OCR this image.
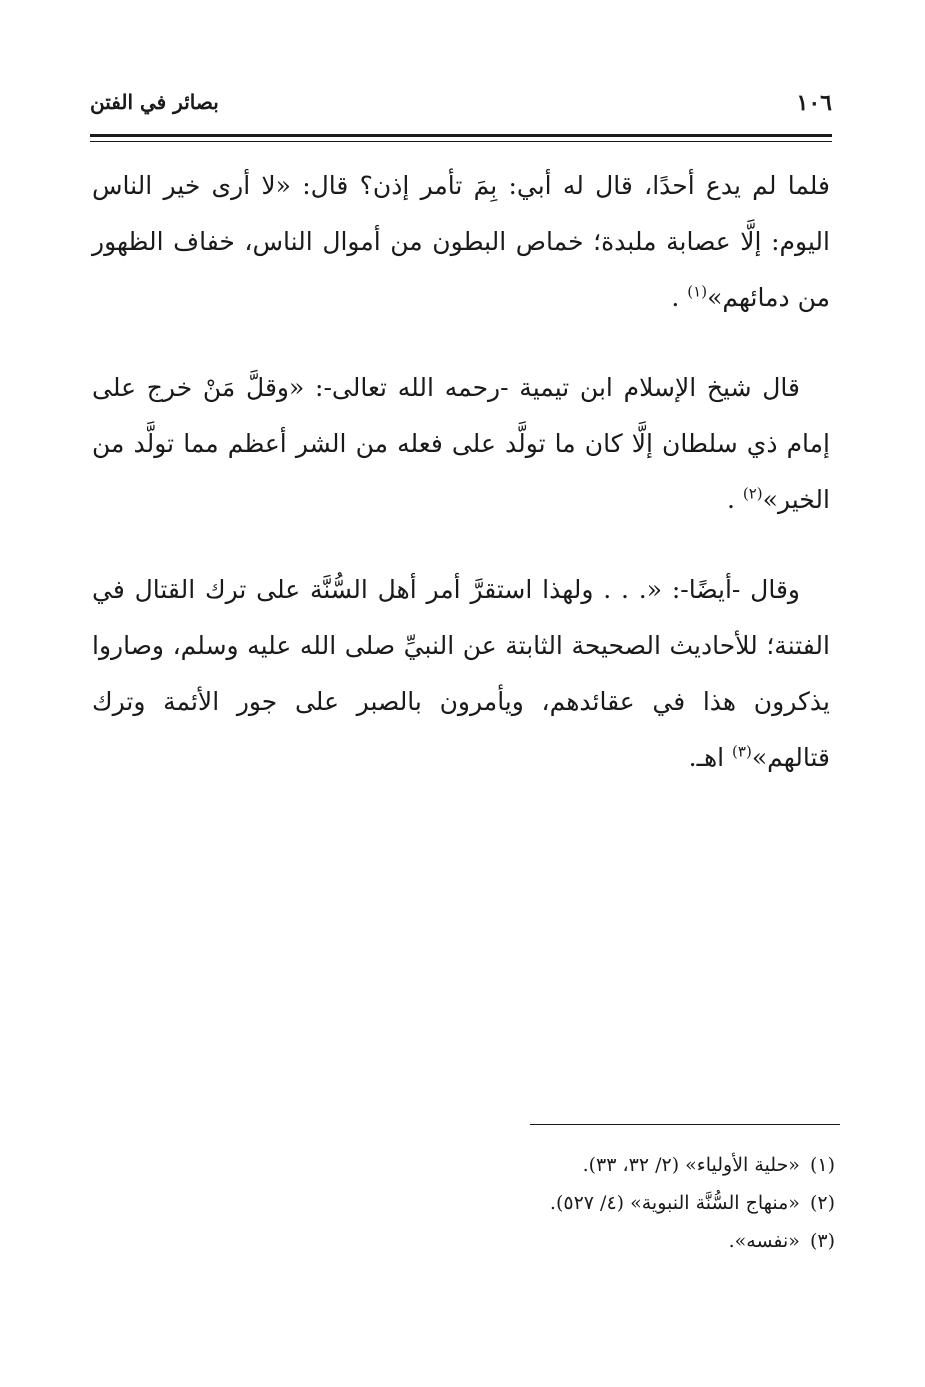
١٠٦
بصائر في الفتن

فلما لم يدع أحدًا، قال له أبي: بِمَ تأمر إذن؟ قال: «لا أرى خير الناس اليوم: إلَّا عصابة ملبدة؛ خماص البطون من أموال الناس، خفاف الظهور من دمائهم»$^{(١)}$ .

قال شيخ الإسلام ابن تيمية -رحمه الله تعالى-: «وقلَّ مَنْ خرج على إمام ذي سلطان إلَّا كان ما تولَّد على فعله من الشر أعظم مما تولَّد من الخير»$^{(٢)}$ .

وقال -أيضًا-: «. . . ولهذا استقرَّ أمر أهل السُّنَّة على ترك القتال في الفتنة؛ للأحاديث الصحيحة الثابتة عن النبيِّ صلى الله عليه وسلم، وصاروا يذكرون هذا في عقائدهم، ويأمرون بالصبر على جور الأئمة وترك قتالهم»$^{(٣)}$ اهـ.

(١)«حلية الأولياء» (٢/ ٣٢، ٣٣).
(٢)«منهاج السُّنَّة النبوية» (٤/ ٥٢٧).
(٣)«نفسه».
